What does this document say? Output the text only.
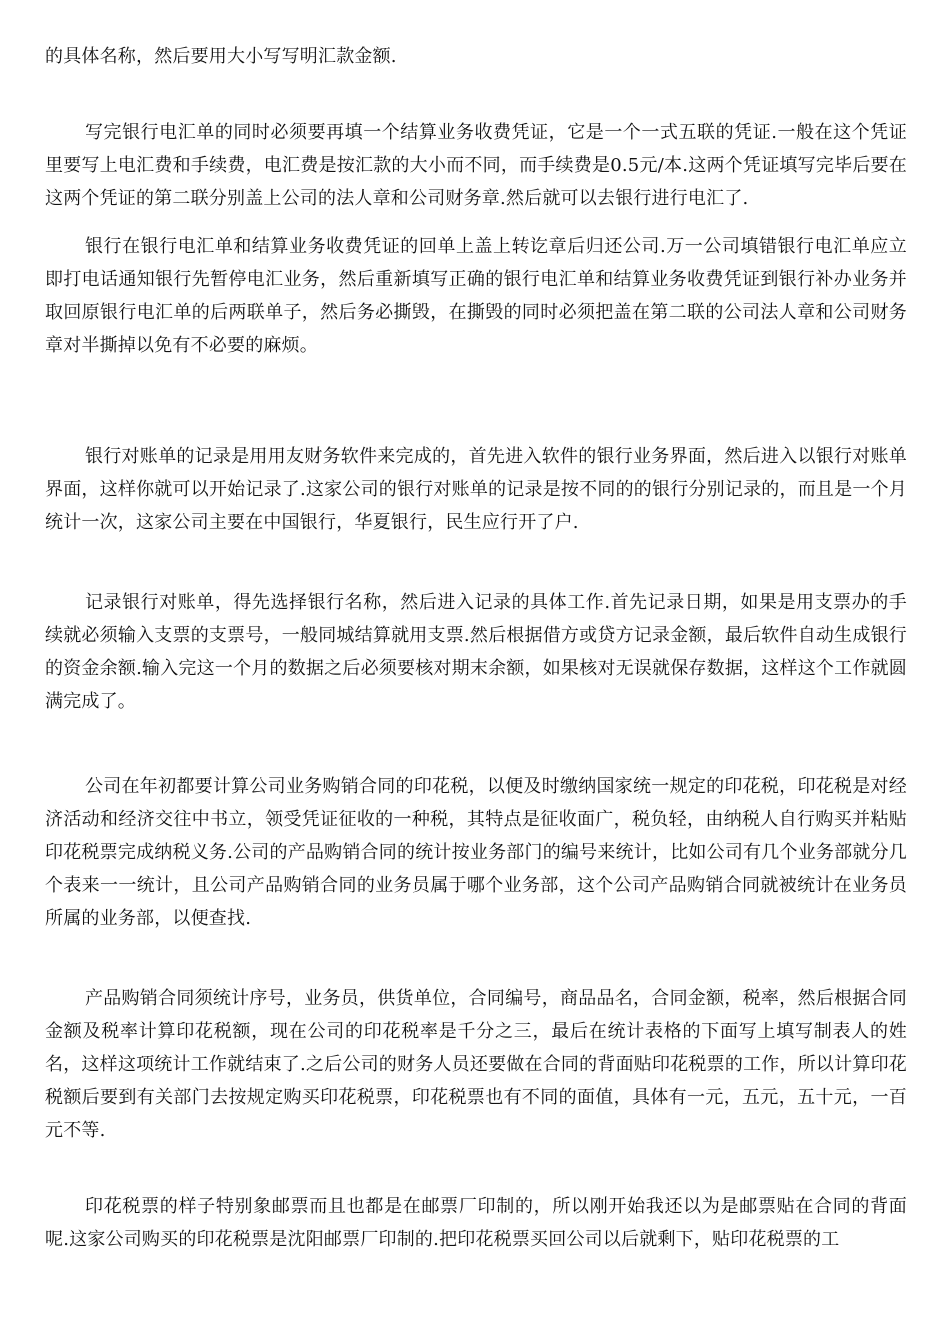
的具体名称，然后要用大小写写明汇款金额.

写完银行电汇单的同时必须要再填一个结算业务收费凭证，它是一个一式五联的凭证.一般在这个凭证里要写上电汇费和手续费，电汇费是按汇款的大小而不同，而手续费是0.5元/本.这两个凭证填写完毕后要在这两个凭证的第二联分别盖上公司的法人章和公司财务章.然后就可以去银行进行电汇了.

银行在银行电汇单和结算业务收费凭证的回单上盖上转讫章后归还公司.万一公司填错银行电汇单应立即打电话通知银行先暂停电汇业务，然后重新填写正确的银行电汇单和结算业务收费凭证到银行补办业务并取回原银行电汇单的后两联单子，然后务必撕毁，在撕毁的同时必须把盖在第二联的公司法人章和公司财务章对半撕掉以免有不必要的麻烦。

银行对账单的记录是用用友财务软件来完成的，首先进入软件的银行业务界面，然后进入以银行对账单界面，这样你就可以开始记录了.这家公司的银行对账单的记录是按不同的的银行分别记录的，而且是一个月统计一次，这家公司主要在中国银行，华夏银行，民生应行开了户.

记录银行对账单，得先选择银行名称，然后进入记录的具体工作.首先记录日期，如果是用支票办的手续就必须输入支票的支票号，一般同城结算就用支票.然后根据借方或贷方记录金额，最后软件自动生成银行的资金余额.输入完这一个月的数据之后必须要核对期末余额，如果核对无误就保存数据，这样这个工作就圆满完成了。

公司在年初都要计算公司业务购销合同的印花税，以便及时缴纳国家统一规定的印花税，印花税是对经济活动和经济交往中书立，领受凭证征收的一种税，其特点是征收面广，税负轻，由纳税人自行购买并粘贴印花税票完成纳税义务.公司的产品购销合同的统计按业务部门的编号来统计，比如公司有几个业务部就分几个表来一一统计，且公司产品购销合同的业务员属于哪个业务部，这个公司产品购销合同就被统计在业务员所属的业务部，以便查找.

产品购销合同须统计序号，业务员，供货单位，合同编号，商品品名，合同金额，税率，然后根据合同金额及税率计算印花税额，现在公司的印花税率是千分之三，最后在统计表格的下面写上填写制表人的姓名，这样这项统计工作就结束了.之后公司的财务人员还要做在合同的背面贴印花税票的工作，所以计算印花税额后要到有关部门去按规定购买印花税票，印花税票也有不同的面值，具体有一元，五元，五十元，一百元不等.

印花税票的样子特别象邮票而且也都是在邮票厂印制的，所以刚开始我还以为是邮票贴在合同的背面呢.这家公司购买的印花税票是沈阳邮票厂印制的.把印花税票买回公司以后就剩下，贴印花税票的工
